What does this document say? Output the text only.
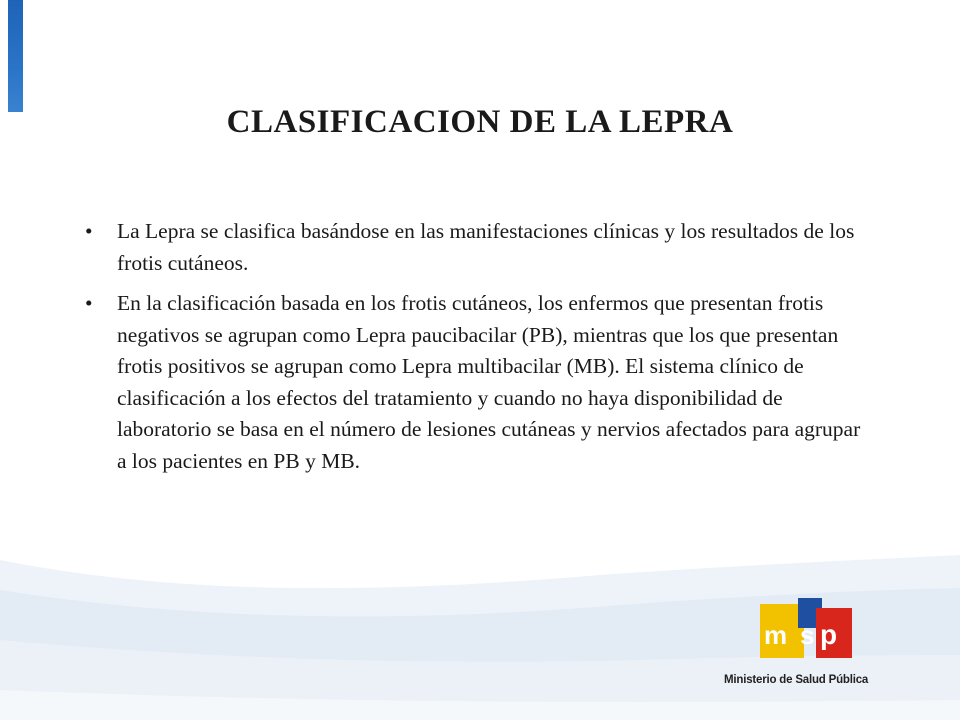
CLASIFICACION DE LA LEPRA
• La Lepra se clasifica basándose en las manifestaciones clínicas y los resultados de los frotis cutáneos.
• En la clasificación basada en los frotis cutáneos, los enfermos que presentan frotis negativos se agrupan como Lepra paucibacilar (PB), mientras que los que presentan frotis positivos se agrupan como Lepra multibacilar (MB). El sistema clínico de clasificación a los efectos del tratamiento y cuando no haya disponibilidad de laboratorio se basa en el número de lesiones cutáneas y nervios afectados para agrupar a los pacientes en PB y MB.
m s p
Ministerio de Salud Pública
